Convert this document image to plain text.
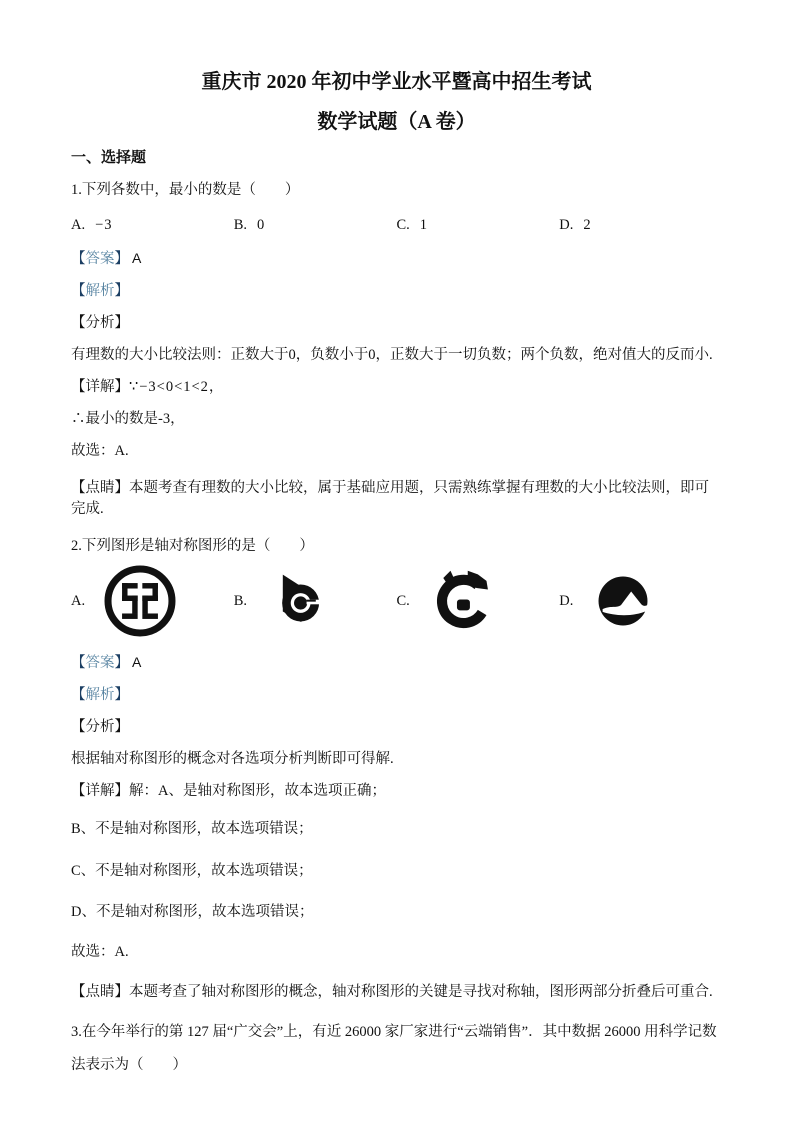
重庆市 2020 年初中学业水平暨高中招生考试
数学试题（A 卷）
一、选择题
1.下列各数中，最小的数是（　　）
A. −3	B. 0	C. 1	D. 2
【答案】 A
【解析】
【分析】
有理数的大小比较法则：正数大于0，负数小于0，正数大于一切负数；两个负数，绝对值大的反而小.
【详解】∵−3<0<1<2，
∴最小的数是-3，
故选：A.
【点睛】本题考查有理数的大小比较，属于基础应用题，只需熟练掌握有理数的大小比较法则，即可完成.
2.下列图形是轴对称图形的是（　　）
A.	B.	C.	D.
【答案】 A
【解析】
【分析】
根据轴对称图形的概念对各选项分析判断即可得解.
【详解】解：A、是轴对称图形，故本选项正确；
B、不是轴对称图形，故本选项错误；
C、不是轴对称图形，故本选项错误；
D、不是轴对称图形，故本选项错误；
故选：A.
【点睛】本题考查了轴对称图形的概念，轴对称图形的关键是寻找对称轴，图形两部分折叠后可重合.
3.在今年举行的第 127 届“广交会”上，有近 26000 家厂家进行“云端销售”．其中数据 26000 用科学记数法表示为（　　）
